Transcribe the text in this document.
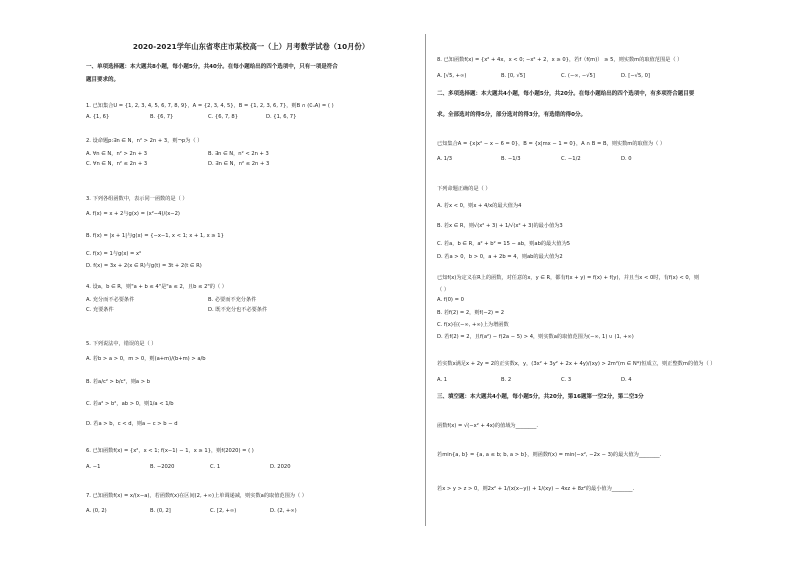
2020-2021学年山东省枣庄市某校高一（上）月考数学试卷（10月份）
一、单项选择题：本大题共8小题，每小题5分，共40分。在每小题给出的四个选项中，只有一项是符合
题目要求的。
1. 已知集合U = {1, 2, 3, 4, 5, 6, 7, 8, 9}，A = {2, 3, 4, 5}，B = {1, 2, 3, 6, 7}，则B ∩ (∁ᵤA) = ( )
A. {1, 6}	B. {6, 7}	C. {6, 7, 8}	D. {1, 6, 7}
2. 设命题p:∃n ∈ N，n² > 2n + 3，则¬p为（ ）
A. ∀n ∈ N，n² > 2n + 3	B. ∃n ∈ N，n² < 2n + 3
C. ∀n ∈ N，n² ≤ 2n + 3	D. ∃n ∈ N，n² ≤ 2n + 3
3. 下列各组函数中，表示同一函数的是（ ）
A. f(x) = x + 2与g(x) = (x²−4)/(x−2)
B. f(x) = |x + 1|与g(x) = {−x−1, x < 1; x + 1, x ≥ 1}
C. f(x) = 1与g(x) = x⁰
D. f(x) = 3x + 2(x ∈ R)与g(t) = 3t + 2(t ∈ R)
4. 设a，b ∈ R，则"a + b ≤ 4"是"a ≤ 2，且b ≤ 2"的（ ）
A. 充分而不必要条件	B. 必要而不充分条件
C. 充要条件	D. 既不充分也不必要条件
5. 下列说法中，错误的是（ ）
A. 若b > a > 0，m > 0，则(a+m)/(b+m) > a/b
B. 若a/c² > b/c²，则a > b
C. 若a² > b²，ab > 0，则1/a < 1/b
D. 若a > b，c < d，则a − c > b − d
6. 已知函数f(x) = {x²，x < 1; f(x−1) − 1，x ≥ 1}，则f(2020) = ( )
A. −1	B. −2020	C. 1	D. 2020
7. 已知函数f(x) = x/(x−a)，若函数f(x)在区间(2, +∞)上单调递减，则实数a的取值范围为（ ）
A. (0, 2)	B. (0, 2]	C. [2, +∞)	D. (2, +∞)
8. 已知函数f(x) = {x² + 4x，x < 0; −x² + 2，x ≥ 0}，若f（f(m)） ≥ 5，则实数m的取值范围是（ ）
A. [√5, +∞)	B. [0, √5]	C. (−∞, −√5]	D. [−√5, 0]
二、多项选择题：本大题共4小题，每小题5分，共20分。在每小题给出的四个选项中，有多项符合题目要
求。全部选对的得5分，部分选对的得3分，有选错的得0分。
已知集合A = {x|x² − x − 6 = 0}，B = {x|mx − 1 = 0}，A ∩ B = B，则实数m的取值为（ ）
A. 1/3	B. −1/3	C. −1/2	D. 0
下列命题正确的是（ ）
A. 若x < 0，则x + 4/x的最大值为4
B. 若x ∈ R，则√(x² + 3) + 1/√(x² + 3)的最小值为3
C. 若a，b ∈ R，a² + b² = 15 − ab，则ab的最大值为5
D. 若a > 0，b > 0，a + 2b = 4，则ab的最大值为2
已知f(x)为定义在R上的函数，对任意的x，y ∈ R，都有f(x + y) = f(x) + f(y)，并且当x < 0时，有f(x) < 0，则
（ ）
A. f(0) = 0
B. 若f(2) = 2，则f(−2) = 2
C. f(x)在(−∞, +∞)上为增函数
D. 若f(2) = 2，且f(a²) − f(2a − 5) > 4，则实数a的取值范围为(−∞, 1) ∪ (1, +∞)
若实数x满足x + 2y = 2的正实数x，y，(3x² + 3y² + 2x + 4y)/(xy) > 2m²(m ∈ N*)恒成立，则正整数m的值为（ ）
A. 1	B. 2	C. 3	D. 4
三、填空题：本大题共4小题，每小题5分，共20分，第16题第一空2分，第二空3分
函数f(x) = √(−x² + 4x)的值域为________.
若min{a, b} = {a, a ≤ b; b, a > b}，则函数f(x) = min(−x², −2x − 3)的最大值为________.
若x > y > z > 0，则2x² + 1/(x(x−y)) + 1/(xy) − 4xz + 8z²的最小值为________.
